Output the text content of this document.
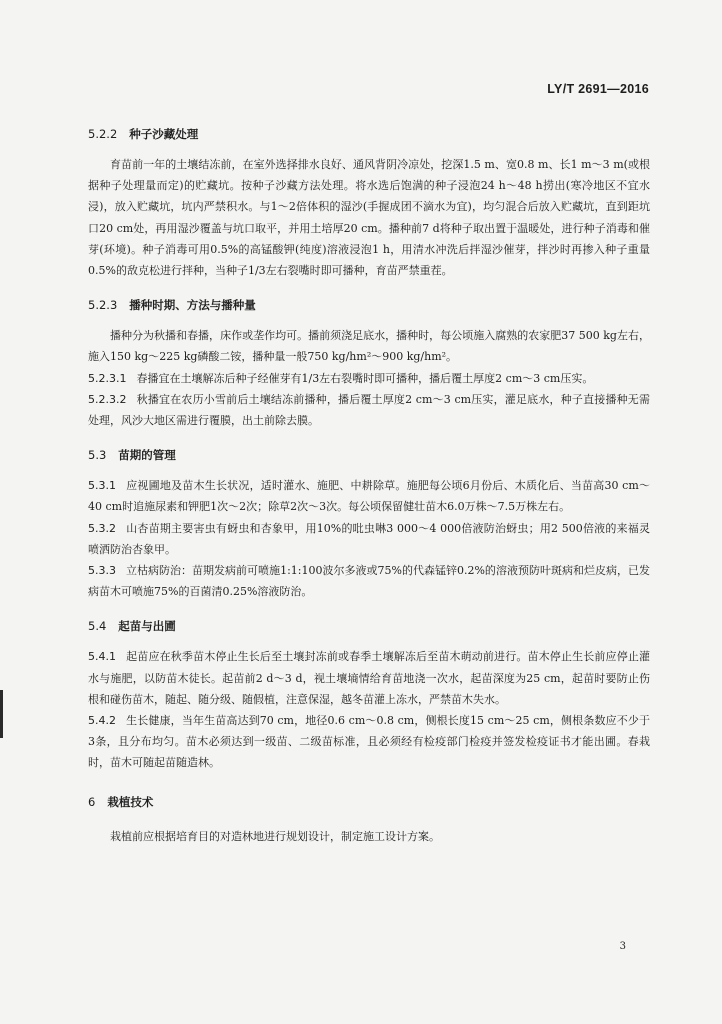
LY/T 2691—2016

5.2.2 种子沙藏处理

育苗前一年的土壤结冻前，在室外选择排水良好、通风背阴冷凉处，挖深1.5 m、宽0.8 m、长1 m～3 m(或根据种子处理量而定)的贮藏坑。按种子沙藏方法处理。将水选后饱满的种子浸泡24 h～48 h捞出(寒冷地区不宜水浸)，放入贮藏坑，坑内严禁积水。与1～2倍体积的湿沙(手握成团不滴水为宜)，均匀混合后放入贮藏坑，直到距坑口20 cm处，再用湿沙覆盖与坑口取平，并用土培厚20 cm。播种前7 d将种子取出置于温暖处，进行种子消毒和催芽(环境)。种子消毒可用0.5%的高锰酸钾(纯度)溶液浸泡1 h，用清水冲洗后拌湿沙催芽，拌沙时再掺入种子重量0.5%的敌克松进行拌种，当种子1/3左右裂嘴时即可播种，育苗严禁重茬。

5.2.3 播种时期、方法与播种量

播种分为秋播和春播，床作或垄作均可。播前须浇足底水，播种时，每公顷施入腐熟的农家肥37 500 kg左右，施入150 kg～225 kg磷酸二铵，播种量一般750 kg/hm²～900 kg/hm²。

5.2.3.1 春播宜在土壤解冻后种子经催芽有1/3左右裂嘴时即可播种，播后覆土厚度2 cm～3 cm压实。

5.2.3.2 秋播宜在农历小雪前后土壤结冻前播种，播后覆土厚度2 cm～3 cm压实，灌足底水，种子直接播种无需处理，风沙大地区需进行覆膜，出土前除去膜。

5.3 苗期的管理

5.3.1 应视圃地及苗木生长状况，适时灌水、施肥、中耕除草。施肥每公顷6月份后、木质化后、当苗高30 cm～40 cm时追施尿素和钾肥1次～2次；除草2次～3次。每公顷保留健壮苗木6.0万株～7.5万株左右。

5.3.2 山杏苗期主要害虫有蚜虫和杏象甲，用10%的吡虫啉3 000～4 000倍液防治蚜虫；用2 500倍液的来福灵喷洒防治杏象甲。

5.3.3 立枯病防治：苗期发病前可喷施1:1:100波尔多液或75%的代森锰锌0.2%的溶液预防叶斑病和烂皮病，已发病苗木可喷施75%的百菌清0.25%溶液防治。

5.4 起苗与出圃

5.4.1 起苗应在秋季苗木停止生长后至土壤封冻前或春季土壤解冻后至苗木萌动前进行。苗木停止生长前应停止灌水与施肥，以防苗木徒长。起苗前2 d～3 d，视土壤墒情给育苗地浇一次水，起苗深度为25 cm，起苗时要防止伤根和碰伤苗木，随起、随分级、随假植，注意保湿，越冬苗灌上冻水，严禁苗木失水。

5.4.2 生长健康，当年生苗高达到70 cm，地径0.6 cm～0.8 cm，侧根长度15 cm～25 cm，侧根条数应不少于3条，且分布均匀。苗木必须达到一级苗、二级苗标准，且必须经有检疫部门检疫并签发检疫证书才能出圃。春栽时，苗木可随起苗随造林。

6 栽植技术

栽植前应根据培育目的对造林地进行规划设计，制定施工设计方案。

3
